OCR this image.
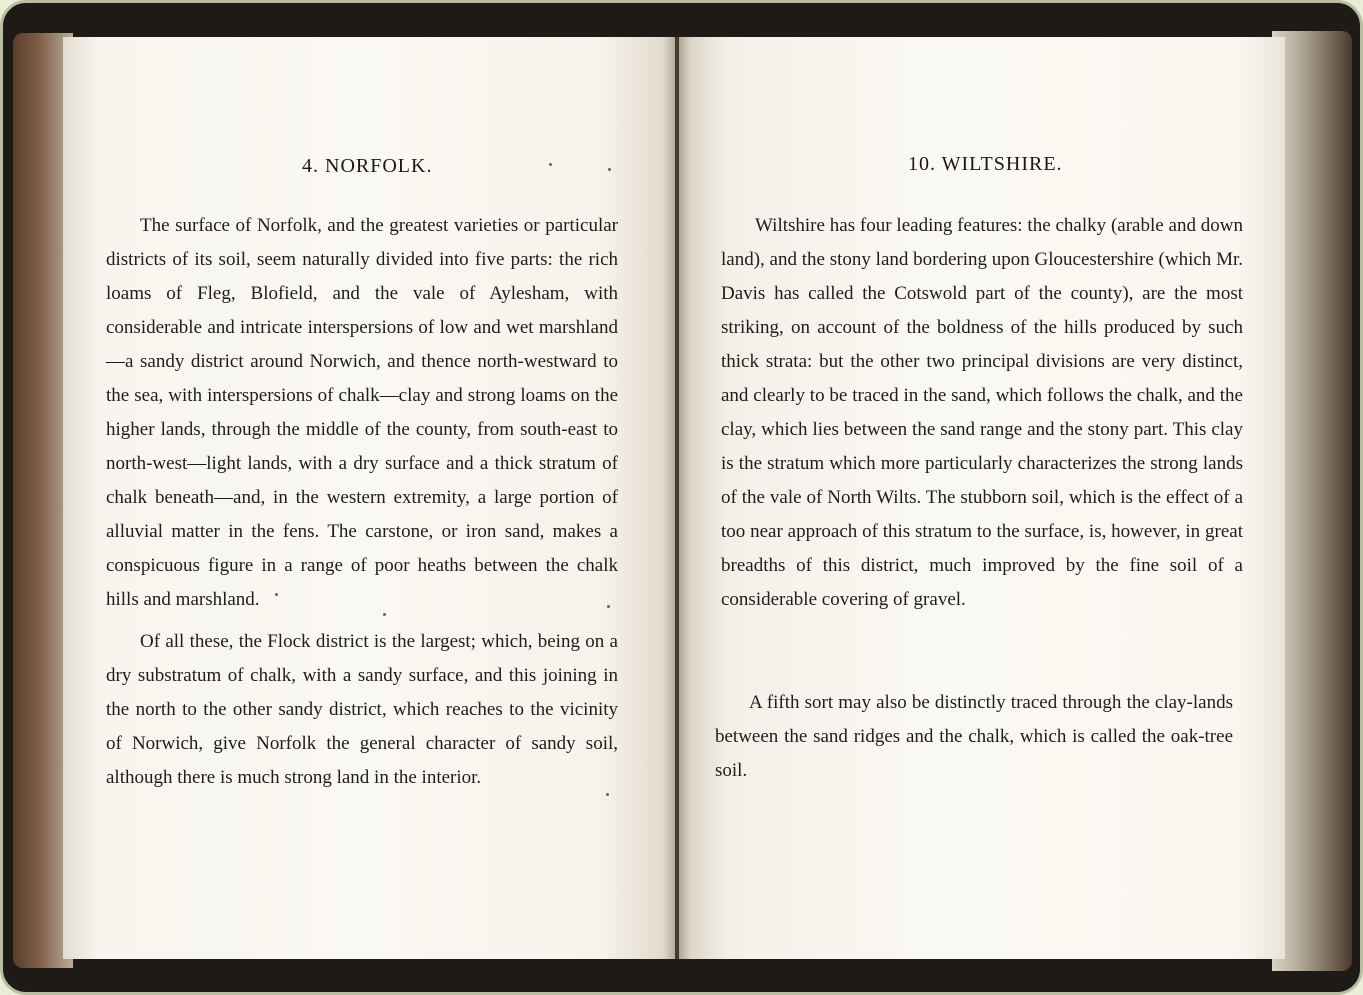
4. NORFOLK.

The surface of Norfolk, and the greatest varieties or particular districts of its soil, seem naturally divided into five parts: the rich loams of Fleg, Blofield, and the vale of Aylesham, with considerable and intricate interspersions of low and wet marshland—a sandy district around Norwich, and thence north-westward to the sea, with interspersions of chalk—clay and strong loams on the higher lands, through the middle of the county, from south-east to north-west—light lands, with a dry surface and a thick stratum of chalk beneath—and, in the western extremity, a large portion of alluvial matter in the fens. The carstone, or iron sand, makes a conspicuous figure in a range of poor heaths between the chalk hills and marshland.

Of all these, the Flock district is the largest; which, being on a dry substratum of chalk, with a sandy surface, and this joining in the north to the other sandy district, which reaches to the vicinity of Norwich, give Norfolk the general character of sandy soil, although there is much strong land in the interior.

10. WILTSHIRE.

Wiltshire has four leading features: the chalky (arable and down land), and the stony land bordering upon Gloucestershire (which Mr. Davis has called the Cotswold part of the county), are the most striking, on account of the boldness of the hills produced by such thick strata: but the other two principal divisions are very distinct, and clearly to be traced in the sand, which follows the chalk, and the clay, which lies between the sand range and the stony part. This clay is the stratum which more particularly characterizes the strong lands of the vale of North Wilts. The stubborn soil, which is the effect of a too near approach of this stratum to the surface, is, however, in great breadths of this district, much improved by the fine soil of a considerable covering of gravel.

A fifth sort may also be distinctly traced through the clay-lands between the sand ridges and the chalk, which is called the oak-tree soil.
